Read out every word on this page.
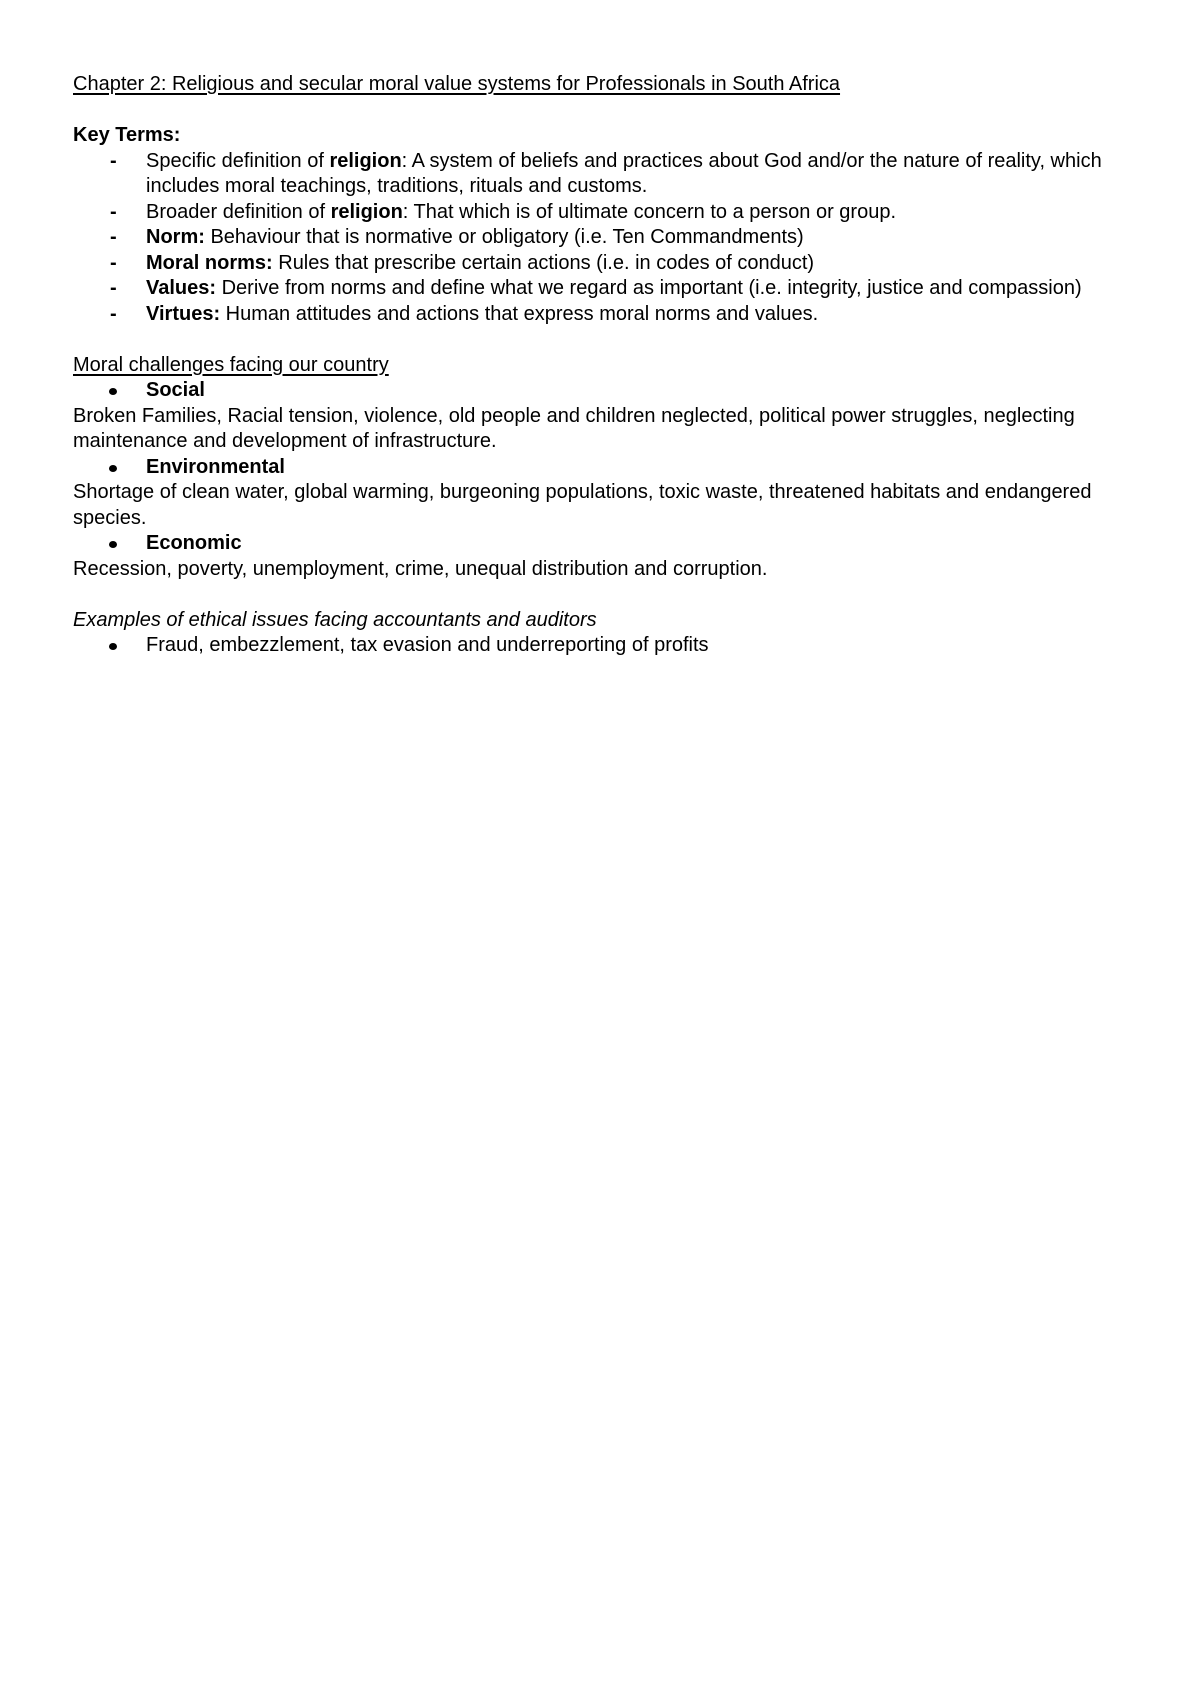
Chapter 2: Religious and secular moral value systems for Professionals in South Africa

Key Terms:

- Specific definition of religion: A system of beliefs and practices about God and/or the nature of reality, which includes moral teachings, traditions, rituals and customs.
- Broader definition of religion: That which is of ultimate concern to a person or group.
- Norm: Behaviour that is normative or obligatory (i.e. Ten Commandments)
- Moral norms: Rules that prescribe certain actions (i.e. in codes of conduct)
- Values: Derive from norms and define what we regard as important (i.e. integrity, justice and compassion)
- Virtues: Human attitudes and actions that express moral norms and values.

Moral challenges facing our country

Social

Broken Families, Racial tension, violence, old people and children neglected, political power struggles, neglecting maintenance and development of infrastructure.

Environmental

Shortage of clean water, global warming, burgeoning populations, toxic waste, threatened habitats and endangered species.

Economic

Recession, poverty, unemployment, crime, unequal distribution and corruption.

Examples of ethical issues facing accountants and auditors

Fraud, embezzlement, tax evasion and underreporting of profits
